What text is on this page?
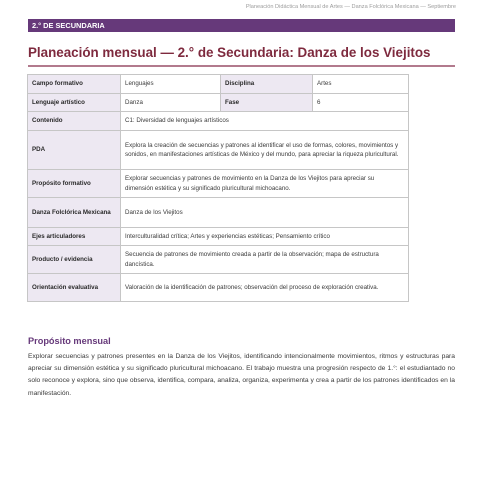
Planeación Didáctica Mensual de Artes — Danza Folclórica Mexicana — Septiembre
2.° DE SECUNDARIA
Planeación mensual — 2.° de Secundaria: Danza de los Viejitos
Campo formativo	Lenguajes	Disciplina	Artes
Lenguaje artístico	Danza	Fase	6
Contenido	C1: Diversidad de lenguajes artísticos		
PDA	Explora la creación de secuencias y patrones al identificar el uso de formas, colores, movimientos y sonidos, en manifestaciones artísticas de México y del mundo, para apreciar la riqueza pluricultural.		
Propósito formativo	Explorar secuencias y patrones de movimiento en la Danza de los Viejitos para apreciar su dimensión estética y su significado pluricultural michoacano.		
Danza Folclórica Mexicana	Danza de los Viejitos		
Ejes articuladores	Interculturalidad crítica; Artes y experiencias estéticas; Pensamiento crítico		
Producto / evidencia	Secuencia de patrones de movimiento creada a partir de la observación; mapa de estructura dancística.		
Orientación evaluativa	Valoración de la identificación de patrones; observación del proceso de exploración creativa.		
Propósito mensual

Explorar secuencias y patrones presentes en la Danza de los Viejitos, identificando intencionalmente movimientos, ritmos y estructuras para apreciar su dimensión estética y su significado pluricultural michoacano. El trabajo muestra una progresión respecto de 1.°: el estudiantado no solo reconoce y explora, sino que observa, identifica, compara, analiza, organiza, experimenta y crea a partir de los patrones identificados en la manifestación.
